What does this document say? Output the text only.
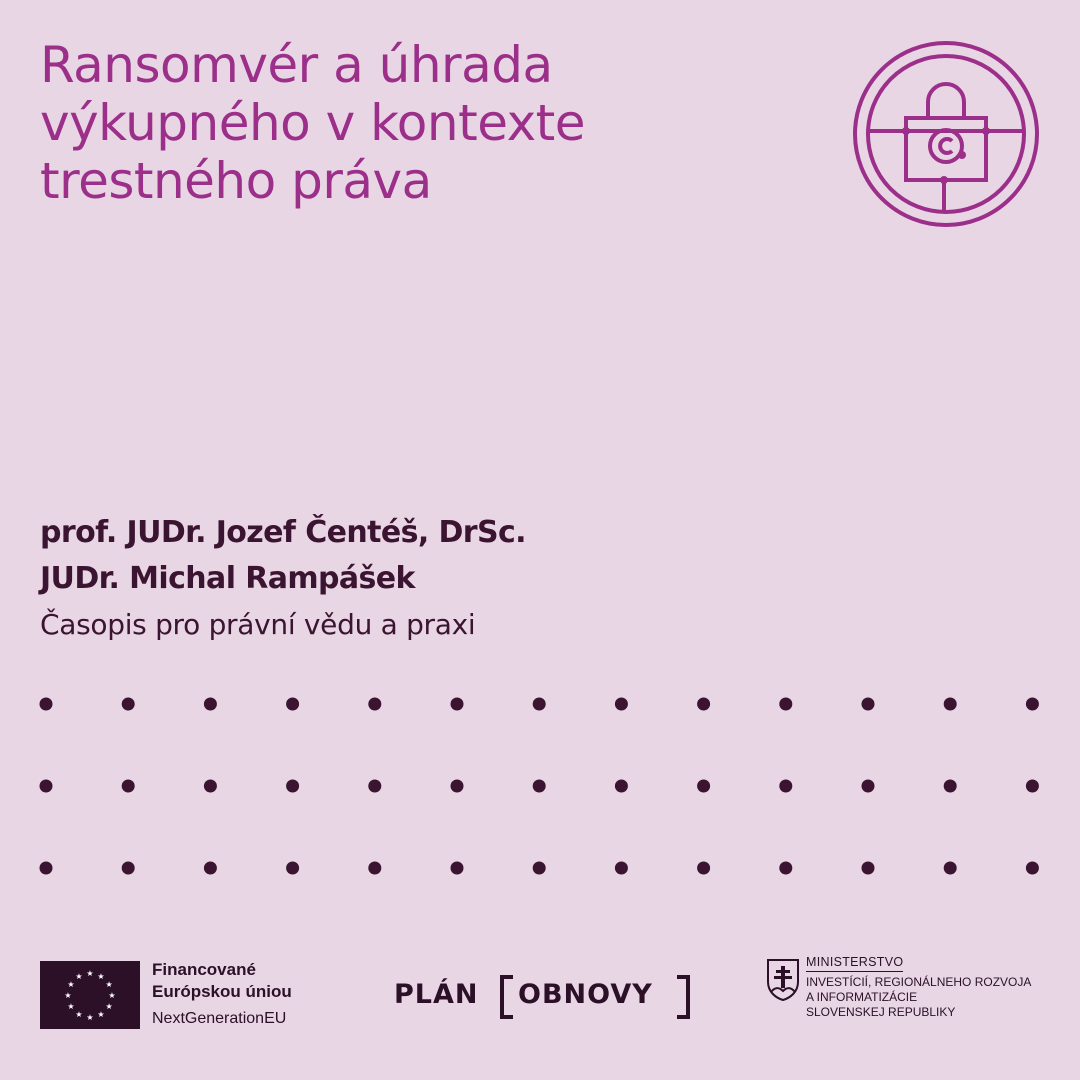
Ransomvér a úhrada
výkupného v kontexte
trestného práva
prof. JUDr. Jozef Čentéš, DrSc.
JUDr. Michal Rampášek
Časopis pro právní vědu a praxi
★ ★
★
★
★
★
★
★
★
★
★
★	Financované
Európskou úniou
NextGenerationEU
PLÁN OBNOVY
MINISTERSTVO
INVESTÍCIÍ, REGIONÁLNEHO ROZVOJA
A INFORMATIZÁCIE
SLOVENSKEJ REPUBLIKY
